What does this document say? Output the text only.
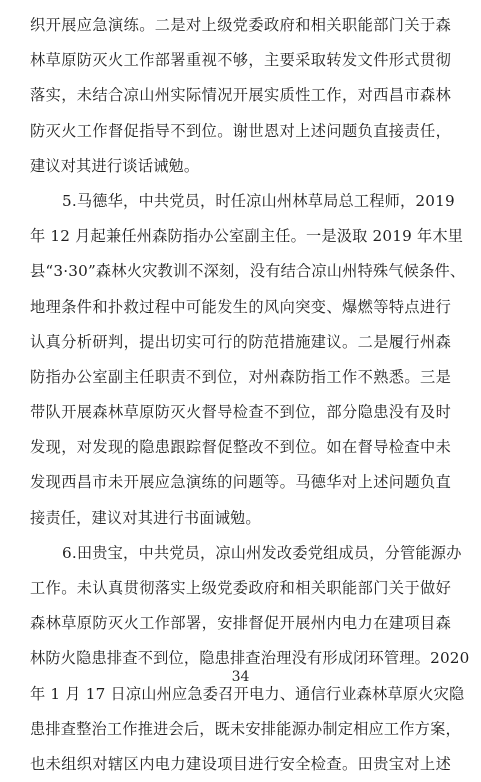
织开展应急演练。二是对上级党委政府和相关职能部门关于森
林草原防灭火工作部署重视不够，主要采取转发文件形式贯彻
落实，未结合凉山州实际情况开展实质性工作，对西昌市森林
防灭火工作督促指导不到位。谢世恩对上述问题负直接责任，
建议对其进行谈话诫勉。
5.马德华，中共党员，时任凉山州林草局总工程师，2019
年 12 月起兼任州森防指办公室副主任。一是汲取 2019 年木里
县“3·30”森林火灾教训不深刻，没有结合凉山州特殊气候条件、
地理条件和扑救过程中可能发生的风向突变、爆燃等特点进行
认真分析研判，提出切实可行的防范措施建议。二是履行州森
防指办公室副主任职责不到位，对州森防指工作不熟悉。三是
带队开展森林草原防灭火督导检查不到位，部分隐患没有及时
发现，对发现的隐患跟踪督促整改不到位。如在督导检查中未
发现西昌市未开展应急演练的问题等。马德华对上述问题负直
接责任，建议对其进行书面诫勉。
6.田贵宝，中共党员，凉山州发改委党组成员，分管能源办
工作。未认真贯彻落实上级党委政府和相关职能部门关于做好
森林草原防灭火工作部署，安排督促开展州内电力在建项目森
林防火隐患排查不到位，隐患排查治理没有形成闭环管理。2020
年 1 月 17 日凉山州应急委召开电力、通信行业森林草原火灾隐
患排查整治工作推进会后，既未安排能源办制定相应工作方案，
也未组织对辖区内电力建设项目进行安全检查。田贵宝对上述
34
